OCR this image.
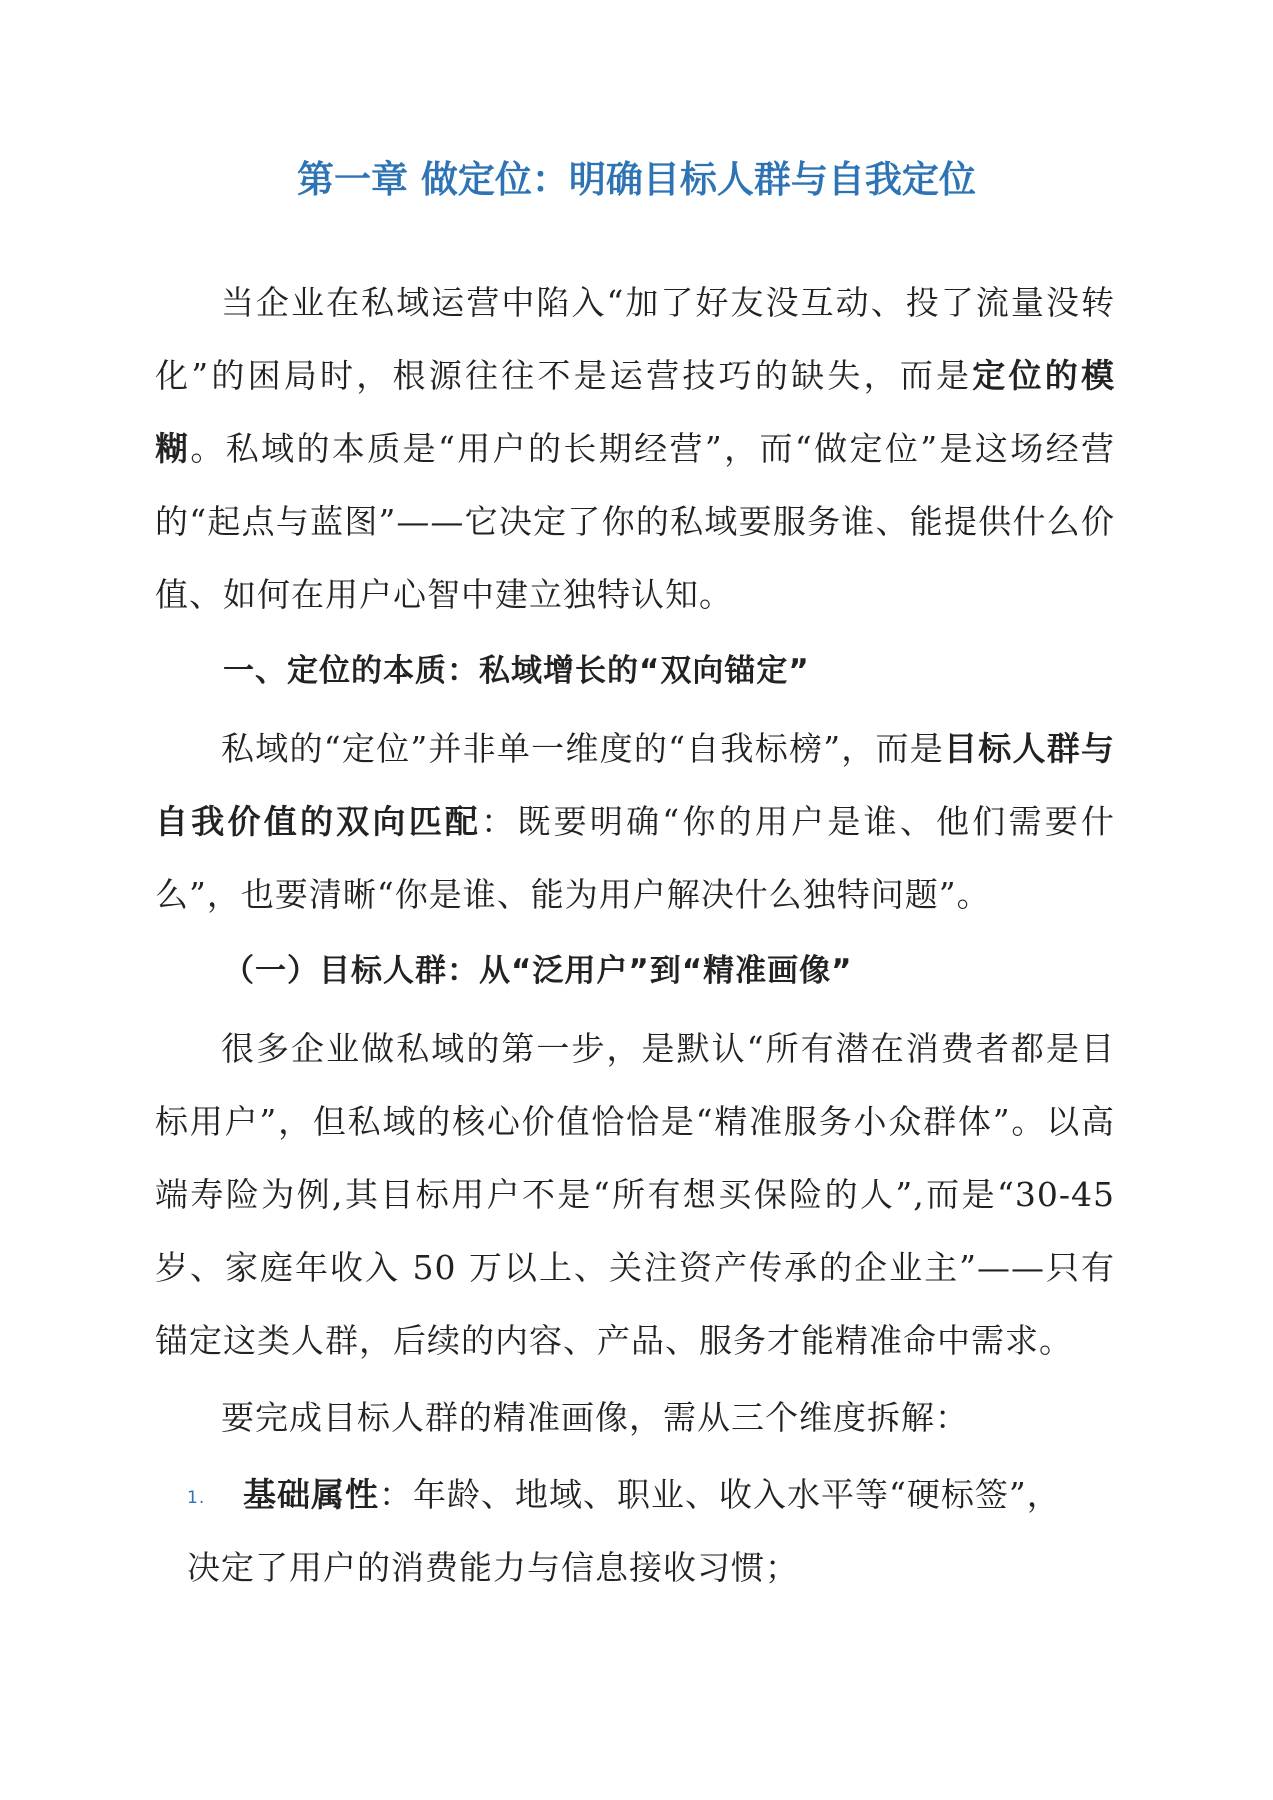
第一章 做定位：明确目标人群与自我定位

当企业在私域运营中陷入“加了好友没互动、投了流量没转化”的困局时，根源往往不是运营技巧的缺失，而是定位的模糊。私域的本质是“用户的长期经营”，而“做定位”是这场经营的“起点与蓝图”——它决定了你的私域要服务谁、能提供什么价值、如何在用户心智中建立独特认知。

一、定位的本质：私域增长的“双向锚定”

私域的“定位”并非单一维度的“自我标榜”，而是目标人群与自我价值的双向匹配：既要明确“你的用户是谁、他们需要什么”，也要清晰“你是谁、能为用户解决什么独特问题”。

（一）目标人群：从“泛用户”到“精准画像”

很多企业做私域的第一步，是默认“所有潜在消费者都是目标用户”，但私域的核心价值恰恰是“精准服务小众群体”。以高端寿险为例,其目标用户不是“所有想买保险的人”,而是“30-45岁、家庭年收入 50 万以上、关注资产传承的企业主”——只有锚定这类人群，后续的内容、产品、服务才能精准命中需求。

要完成目标人群的精准画像，需从三个维度拆解：

1. 基础属性：年龄、地域、职业、收入水平等“硬标签”，
决定了用户的消费能力与信息接收习惯；
